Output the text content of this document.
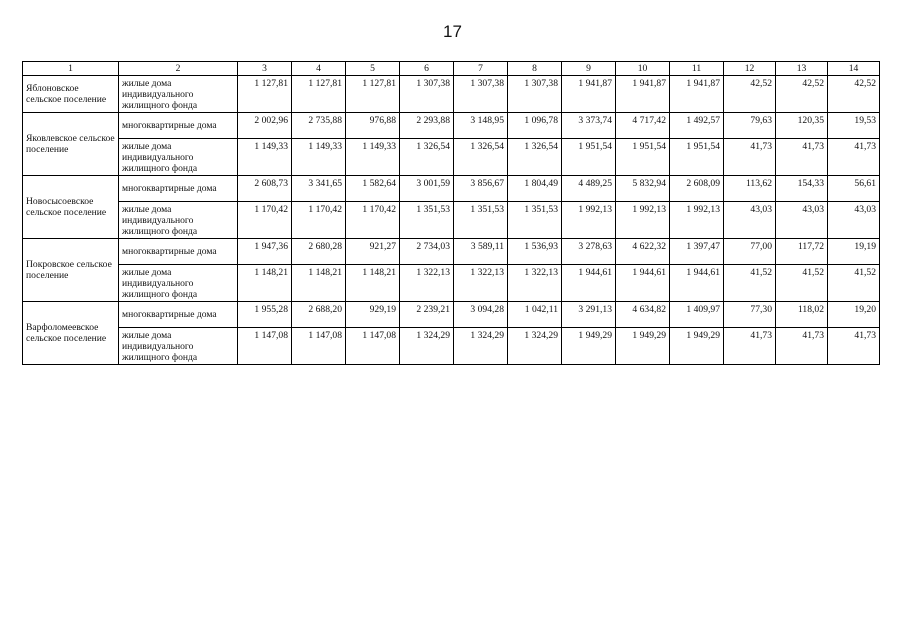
17
1	2	3	4	5	6	7	8	9	10	11	12	13	14
Яблоновское сельское поселение	жилые дома индивидуального жилищного фонда	1 127,81	1 127,81	1 127,81	1 307,38	1 307,38	1 307,38	1 941,87	1 941,87	1 941,87	42,52	42,52	42,52
Яковлевское сельское поселение	многоквартирные дома	2 002,96	2 735,88	976,88	2 293,88	3 148,95	1 096,78	3 373,74	4 717,42	1 492,57	79,63	120,35	19,53
	жилые дома индивидуального жилищного фонда	1 149,33	1 149,33	1 149,33	1 326,54	1 326,54	1 326,54	1 951,54	1 951,54	1 951,54	41,73	41,73	41,73
Новосысоевское сельское поселение	многоквартирные дома	2 608,73	3 341,65	1 582,64	3 001,59	3 856,67	1 804,49	4 489,25	5 832,94	2 608,09	113,62	154,33	56,61
	жилые дома индивидуального жилищного фонда	1 170,42	1 170,42	1 170,42	1 351,53	1 351,53	1 351,53	1 992,13	1 992,13	1 992,13	43,03	43,03	43,03
Покровское сельское поселение	многоквартирные дома	1 947,36	2 680,28	921,27	2 734,03	3 589,11	1 536,93	3 278,63	4 622,32	1 397,47	77,00	117,72	19,19
	жилые дома индивидуального жилищного фонда	1 148,21	1 148,21	1 148,21	1 322,13	1 322,13	1 322,13	1 944,61	1 944,61	1 944,61	41,52	41,52	41,52
Варфоломеевское сельское поселение	многоквартирные дома	1 955,28	2 688,20	929,19	2 239,21	3 094,28	1 042,11	3 291,13	4 634,82	1 409,97	77,30	118,02	19,20
	жилые дома индивидуального жилищного фонда	1 147,08	1 147,08	1 147,08	1 324,29	1 324,29	1 324,29	1 949,29	1 949,29	1 949,29	41,73	41,73	41,73
